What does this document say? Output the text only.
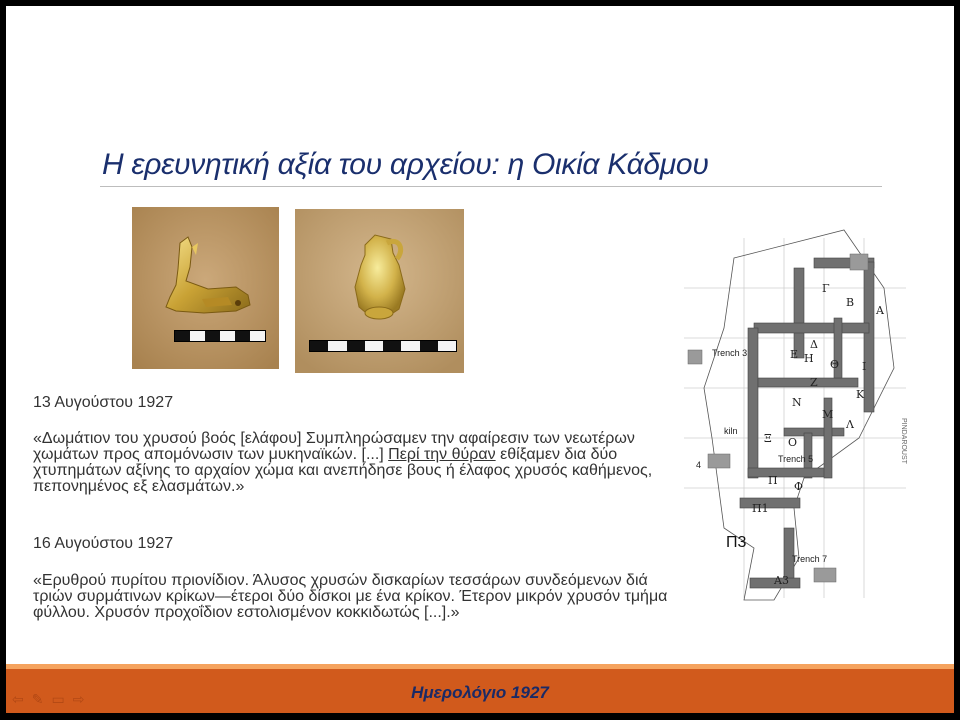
Η ερευνητική αξία του αρχείου: η Οικία Κάδμου
13 Αυγούστου 1927
«Δωμάτιον του χρυσού βοός [ελάφου] Συμπληρώσαμεν την αφαίρεσιν των νεωτέρων χωμάτων προς απομόνωσιν των μυκηναϊκών. [...] Περί την θύραν εθίξαμεν δια δύο χτυπημάτων αξίνης το αρχαίον χώμα και ανεπήδησε βους ή έλαφος χρυσός καθήμενος, πεπονημένος εξ ελασμάτων.»
16 Αυγούστου 1927
«Ερυθρού πυρίτου πριονίδιον. Άλυσος χρυσών δισκαρίων τεσσάρων συνδεόμενων διά τριών συρμάτινων κρίκων—έτεροι δύο δίσκοι με ένα κρίκον. Έτερον μικρόν χρυσόν τμήμα φύλλου. Χρυσόν προχοΐδιον εστολισμένον κοκκιδωτώς [...].»
Γ
Β
Α
Δ
Ε Η Θ Ι
Ζ
Κ
Ν
Μ
Λ
Ξ Ο
Π Φ
Π1
Α3
Trench 3
Trench 5
Trench 7
kiln
4
PINDAROUST
Π3
Ημερολόγιο 1927
⇦ ✎ ▭ ⇨
